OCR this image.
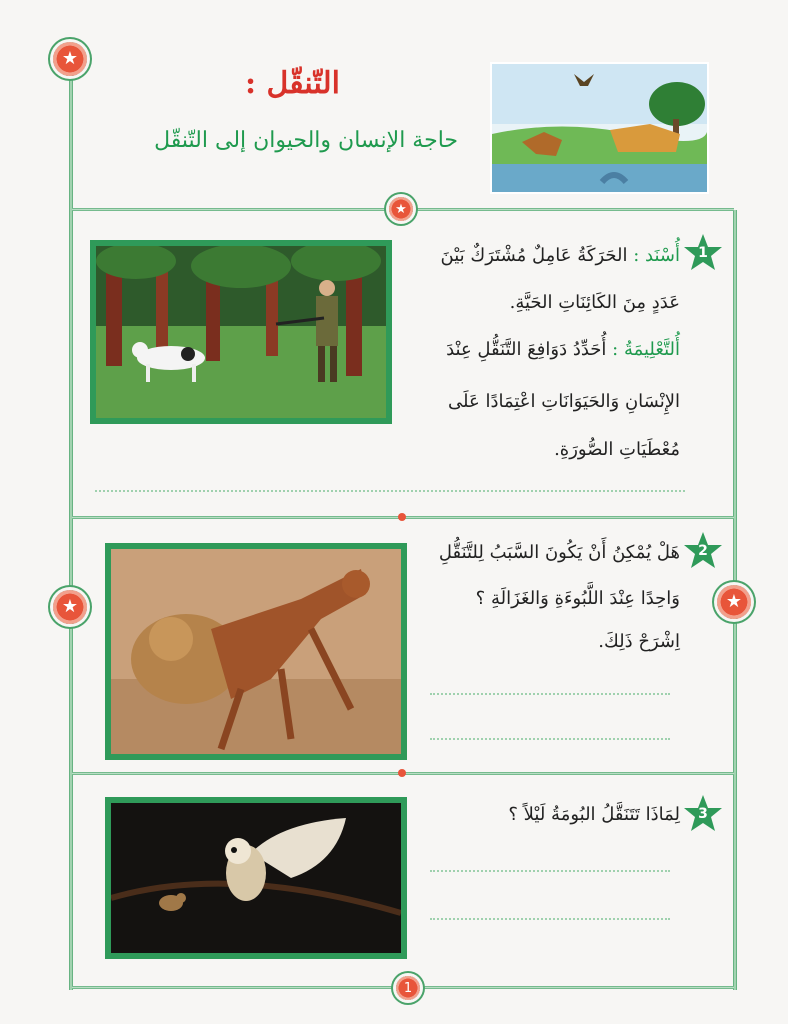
★
★	★
★
التّنقّل :
حاجة الإنسان والحيوان إلى التّنقّل
1
أُسْنَد : الحَرَكَةُ عَامِلٌ مُشْتَرَكٌ بَيْنَ
عَدَدٍ مِنَ الكَائِنَاتِ الحَيَّةِ.
أُلتَّعْلِيمَةُ : أُحَدِّدُ دَوَافِعَ التَّنَقُّلِ عِنْدَ
الإِنْسَانِ وَالحَيَوَانَاتِ اعْتِمَادًا عَلَى
مُعْطَيَاتِ الصُّورَةِ.
2
هَلْ يُمْكِنُ أَنْ يَكُونَ السَّبَبُ لِلتَّنَقُّلِ
وَاحِدًا عِنْدَ اللَّبُوءَةِ وَالغَزَالَةِ ؟
اِشْرَحْ ذَلِكَ.
3
لِمَاذَا تَتَنَقَّلُ البُومَةُ لَيْلاً ؟
1
